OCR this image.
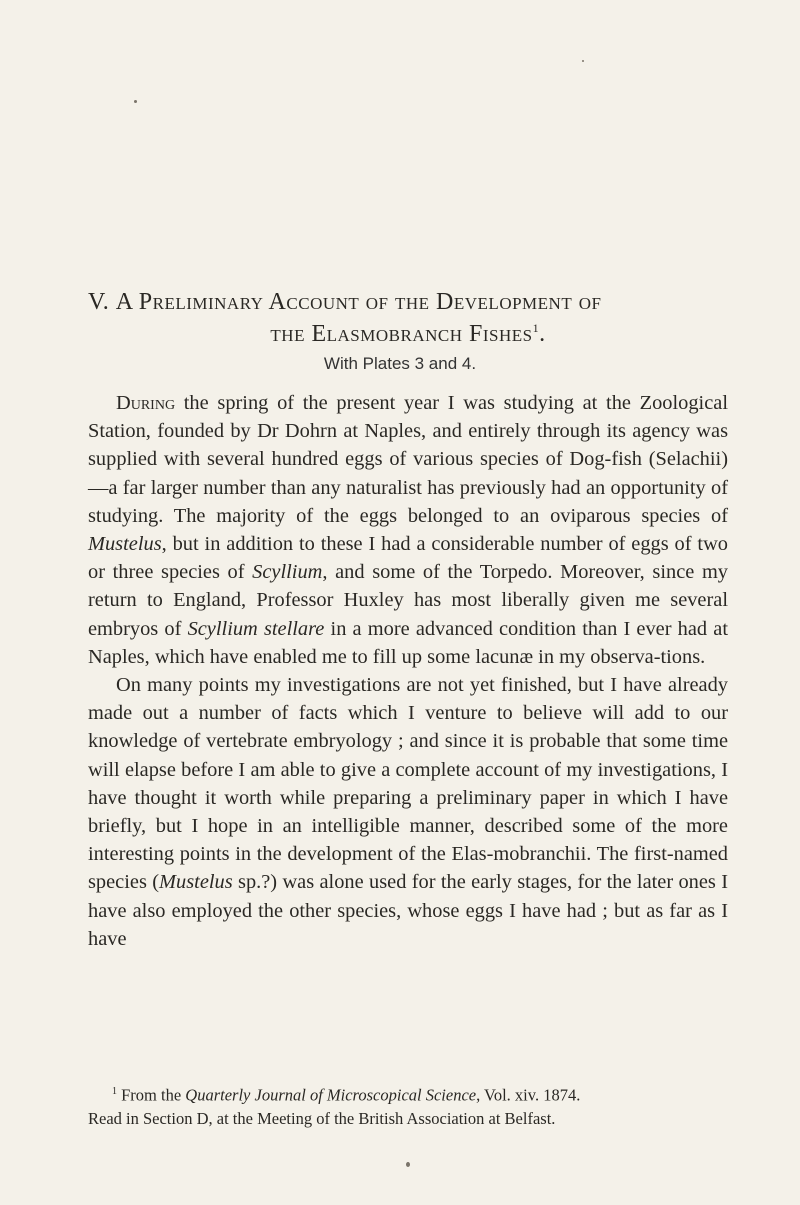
V. A Preliminary Account of the Development of
the Elasmobranch Fishes$^1$.
With Plates 3 and 4.

During the spring of the present year I was studying at the Zoological Station, founded by Dr Dohrn at Naples, and entirely through its agency was supplied with several hundred eggs of various species of Dog-fish (Selachii)—a far larger number than any naturalist has previously had an opportunity of studying. The majority of the eggs belonged to an oviparous species of Mustelus, but in addition to these I had a considerable number of eggs of two or three species of Scyllium, and some of the Torpedo. Moreover, since my return to England, Professor Huxley has most liberally given me several embryos of Scyllium stellare in a more advanced condition than I ever had at Naples, which have enabled me to fill up some lacunæ in my observa-tions.

On many points my investigations are not yet finished, but I have already made out a number of facts which I venture to believe will add to our knowledge of vertebrate embryology ; and since it is probable that some time will elapse before I am able to give a complete account of my investigations, I have thought it worth while preparing a preliminary paper in which I have briefly, but I hope in an intelligible manner, described some of the more interesting points in the development of the Elas-mobranchii. The first-named species (Mustelus sp.?) was alone used for the early stages, for the later ones I have also employed the other species, whose eggs I have had ; but as far as I have

$^1$ From the Quarterly Journal of Microscopical Science, Vol. xiv. 1874.

Read in Section D, at the Meeting of the British Association at Belfast.
